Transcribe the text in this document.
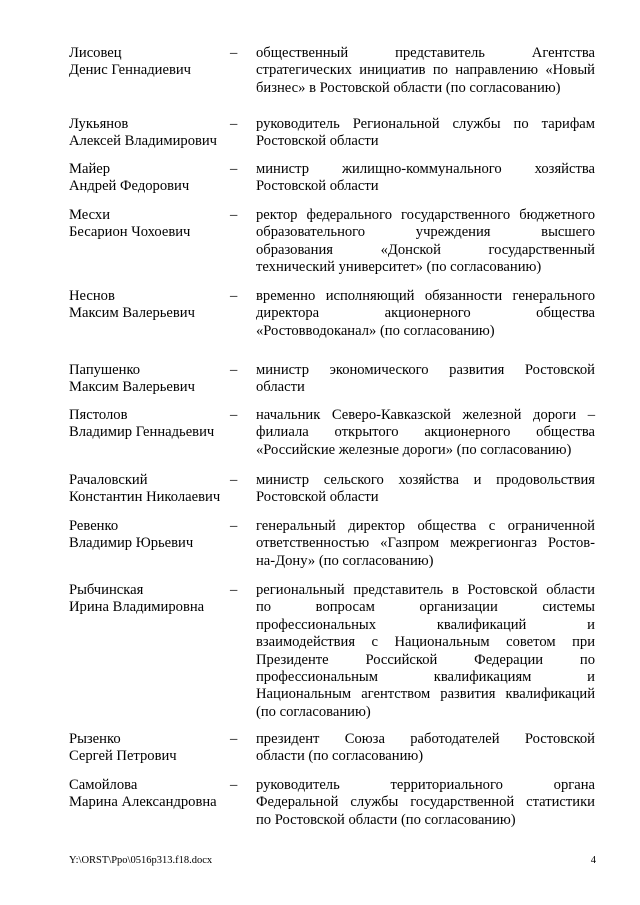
Лисовец
Денис Геннадиевич
– общественный представитель Агентства
стратегических инициатив по направлению «Новый
бизнес» в Ростовской области (по согласованию)
Лукьянов
Алексей Владимирович
– руководитель Региональной службы по тарифам
Ростовской области
Майер
Андрей Федорович
– министр жилищно-коммунального хозяйства
Ростовской области
Месхи
Бесарион Чохоевич
– ректор федерального государственного бюджетного
образовательного учреждения высшего
образования «Донской государственный
технический университет» (по согласованию)
Неснов
Максим Валерьевич
– временно исполняющий обязанности генерального
директора акционерного общества
«Ростовводоканал» (по согласованию)
Папушенко
Максим Валерьевич
– министр экономического развития Ростовской
области
Пястолов
Владимир Геннадьевич
– начальник Северо-Кавказской железной дороги –
филиала открытого акционерного общества
«Российские железные дороги» (по согласованию)
Рачаловский
Константин Николаевич
– министр сельского хозяйства и продовольствия
Ростовской области
Ревенко
Владимир Юрьевич
– генеральный директор общества с ограниченной
ответственностью «Газпром межрегионгаз Ростов-
на-Дону» (по согласованию)
Рыбчинская
Ирина Владимировна
– региональный представитель в Ростовской области
по вопросам организации системы
профессиональных квалификаций и
взаимодействия с Национальным советом при
Президенте Российской Федерации по
профессиональным квалификациям и
Национальным агентством развития квалификаций
(по согласованию)
Рызенко
Сергей Петрович
– президент Союза работодателей Ростовской
области (по согласованию)
Самойлова
Марина Александровна
– руководитель территориального органа
Федеральной службы государственной статистики
по Ростовской области (по согласованию)
Y:\ORST\Ppo\0516p313.f18.docx	4
